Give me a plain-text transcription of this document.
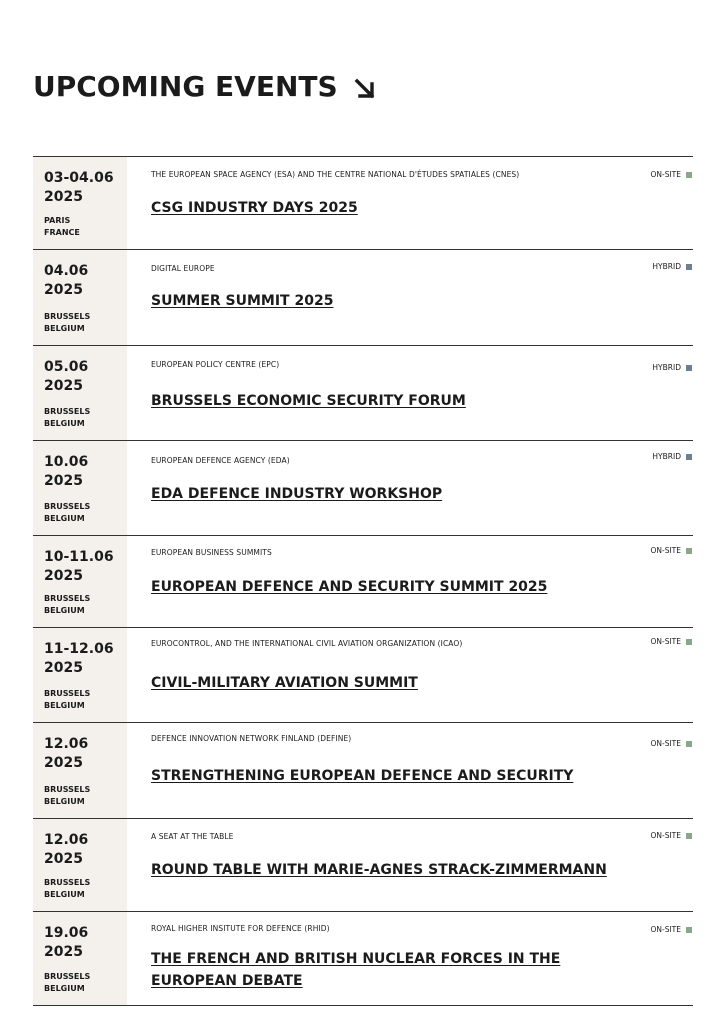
UPCOMING EVENTS
03-04.06
2025
PARIS
FRANCE
THE EUROPEAN SPACE AGENCY (ESA) AND THE CENTRE NATIONAL D'ÉTUDES SPATIALES (CNES)
CSG INDUSTRY DAYS 2025
ON-SITE
04.06
2025
BRUSSELS
BELGIUM
DIGITAL EUROPE
SUMMER SUMMIT 2025
HYBRID
05.06
2025
BRUSSELS
BELGIUM
EUROPEAN POLICY CENTRE (EPC)
BRUSSELS ECONOMIC SECURITY FORUM
HYBRID
10.06
2025
BRUSSELS
BELGIUM
EUROPEAN DEFENCE AGENCY (EDA)
EDA DEFENCE INDUSTRY WORKSHOP
HYBRID
10-11.06
2025
BRUSSELS
BELGIUM
EUROPEAN BUSINESS SUMMITS
EUROPEAN DEFENCE AND SECURITY SUMMIT 2025
ON-SITE
11-12.06
2025
BRUSSELS
BELGIUM
EUROCONTROL, AND THE INTERNATIONAL CIVIL AVIATION ORGANIZATION (ICAO)
CIVIL-MILITARY AVIATION SUMMIT
ON-SITE
12.06
2025
BRUSSELS
BELGIUM
DEFENCE INNOVATION NETWORK FINLAND (DEFINE)
STRENGTHENING EUROPEAN DEFENCE AND SECURITY
ON-SITE
12.06
2025
BRUSSELS
BELGIUM
A SEAT AT THE TABLE
ROUND TABLE WITH MARIE-AGNES STRACK-ZIMMERMANN
ON-SITE
19.06
2025
BRUSSELS
BELGIUM
ROYAL HIGHER INSITUTE FOR DEFENCE (RHID)
THE FRENCH AND BRITISH NUCLEAR FORCES IN THE EUROPEAN DEBATE
ON-SITE
